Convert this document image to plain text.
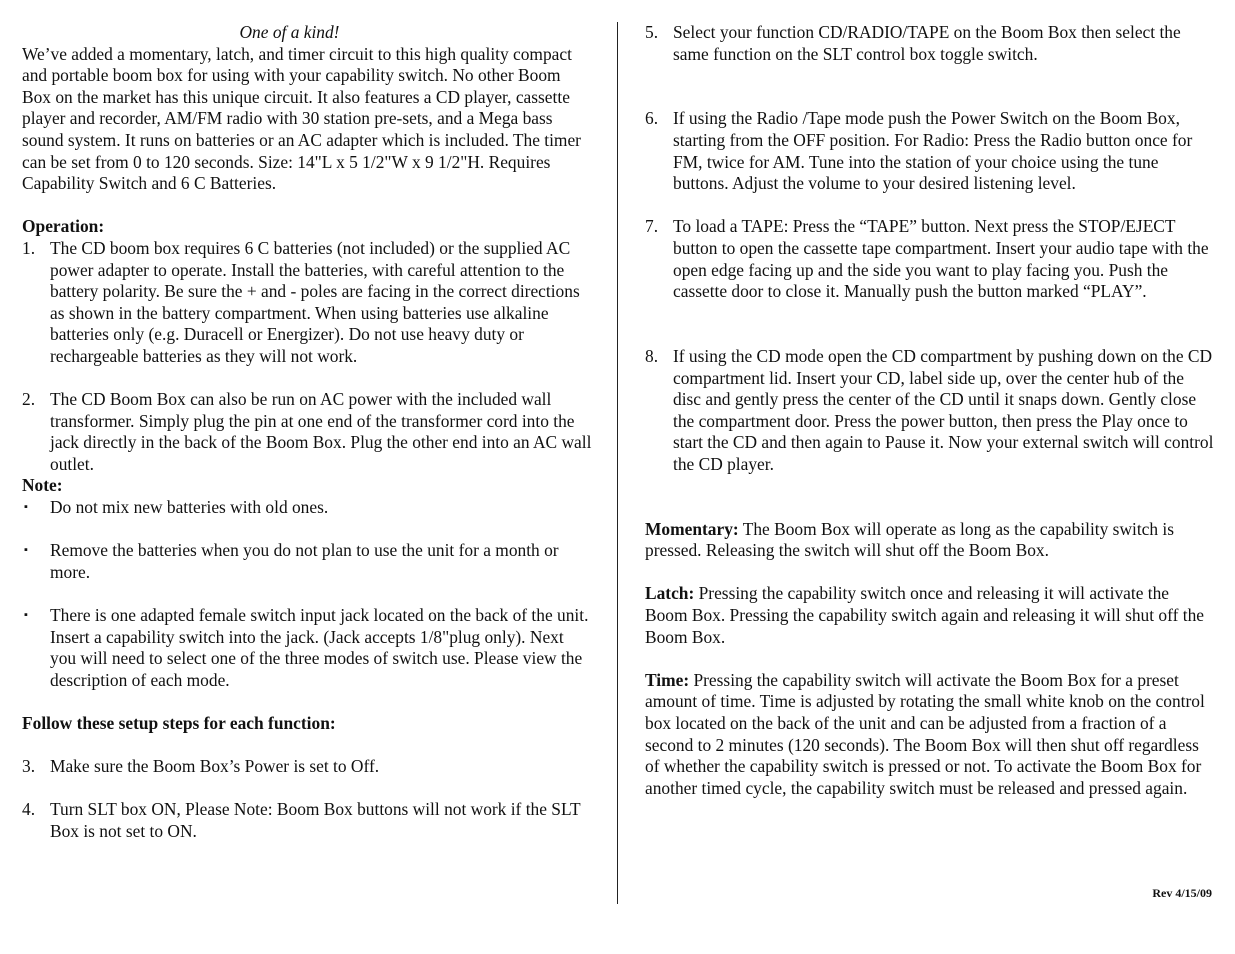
One of a kind!

We’ve added a momentary, latch, and timer circuit to this high quality compact and portable boom box for using with your capability switch. No other Boom Box on the market has this unique circuit. It also features a CD player, cassette player and recorder, AM/FM radio with 30 station pre-sets, and a Mega bass sound system. It runs on batteries or an AC adapter which is included. The timer can be set from 0 to 120 seconds. Size: 14"L x 5 1/2"W x 9 1/2"H. Requires Capability Switch and 6 C Batteries.

Operation:

1. The CD boom box requires 6 C batteries (not included) or the supplied AC power adapter to operate. Install the batteries, with careful attention to the battery polarity. Be sure the + and - poles are facing in the correct directions as shown in the battery compartment. When using batteries use alkaline batteries only (e.g. Duracell or Energizer). Do not use heavy duty or rechargeable batteries as they will not work.

2. The CD Boom Box can also be run on AC power with the included wall transformer. Simply plug the pin at one end of the transformer cord into the jack directly in the back of the Boom Box. Plug the other end into an AC wall outlet.

Note:

▪ Do not mix new batteries with old ones.

▪ Remove the batteries when you do not plan to use the unit for a month or more.

▪ There is one adapted female switch input jack located on the back of the unit. Insert a capability switch into the jack. (Jack accepts 1/8"plug only). Next you will need to select one of the three modes of switch use. Please view the description of each mode.

Follow these setup steps for each function:

3. Make sure the Boom Box’s Power is set to Off.

4. Turn SLT box ON, Please Note: Boom Box buttons will not work if the SLT Box is not set to ON.

5. Select your function CD/RADIO/TAPE on the Boom Box then select the same function on the SLT control box toggle switch.

6. If using the Radio /Tape mode push the Power Switch on the Boom Box, starting from the OFF position. For Radio: Press the Radio button once for FM, twice for AM. Tune into the station of your choice using the tune buttons. Adjust the volume to your desired listening level.

7. To load a TAPE: Press the “TAPE” button. Next press the STOP/EJECT button to open the cassette tape compartment. Insert your audio tape with the open edge facing up and the side you want to play facing you. Push the cassette door to close it. Manually push the button marked “PLAY”.

8. If using the CD mode open the CD compartment by pushing down on the CD compartment lid. Insert your CD, label side up, over the center hub of the disc and gently press the center of the CD until it snaps down. Gently close the compartment door. Press the power button, then press the Play once to start the CD and then again to Pause it. Now your external switch will control the CD player.

Momentary: The Boom Box will operate as long as the capability switch is pressed. Releasing the switch will shut off the Boom Box.

Latch: Pressing the capability switch once and releasing it will activate the Boom Box. Pressing the capability switch again and releasing it will shut off the Boom Box.

Time: Pressing the capability switch will activate the Boom Box for a preset amount of time. Time is adjusted by rotating the small white knob on the control box located on the back of the unit and can be adjusted from a fraction of a second to 2 minutes (120 seconds). The Boom Box will then shut off regardless of whether the capability switch is pressed or not. To activate the Boom Box for another timed cycle, the capability switch must be released and pressed again.

Rev 4/15/09
